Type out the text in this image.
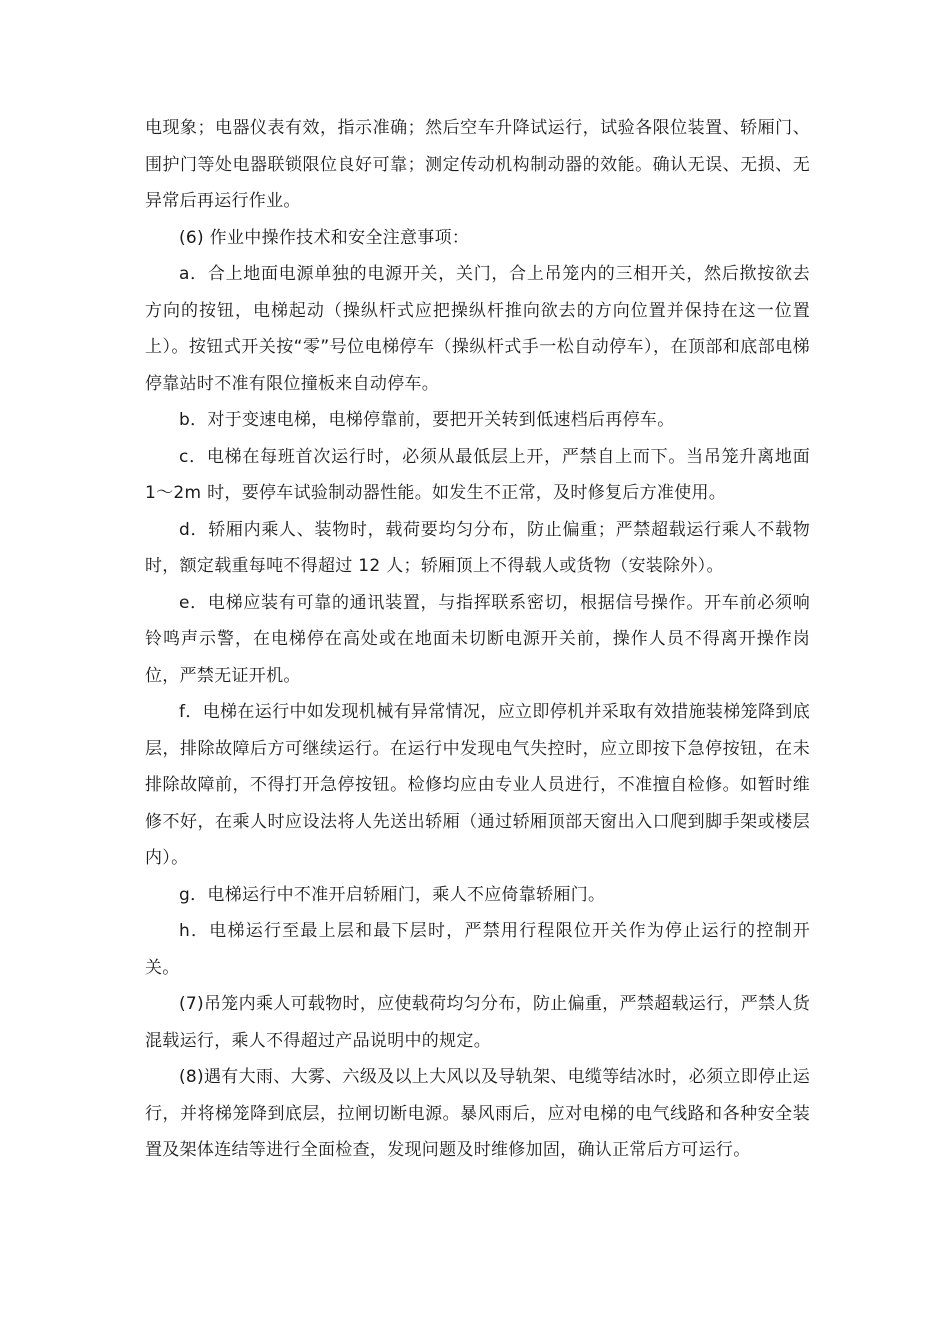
电现象；电器仪表有效，指示准确；然后空车升降试运行，试验各限位装置、轿厢门、围护门等处电器联锁限位良好可靠；测定传动机构制动器的效能。确认无误、无损、无异常后再运行作业。

(6) 作业中操作技术和安全注意事项：

a．合上地面电源单独的电源开关，关门，合上吊笼内的三相开关，然后揿按欲去方向的按钮，电梯起动（操纵杆式应把操纵杆推向欲去的方向位置并保持在这一位置上）。按钮式开关按“零”号位电梯停车（操纵杆式手一松自动停车），在顶部和底部电梯停靠站时不准有限位撞板来自动停车。

b．对于变速电梯，电梯停靠前，要把开关转到低速档后再停车。

c．电梯在每班首次运行时，必须从最低层上开，严禁自上而下。当吊笼升离地面 1～2m 时，要停车试验制动器性能。如发生不正常，及时修复后方准使用。

d．轿厢内乘人、装物时，载荷要均匀分布，防止偏重；严禁超载运行乘人不载物时，额定载重每吨不得超过 12 人；轿厢顶上不得载人或货物（安装除外）。

e．电梯应装有可靠的通讯装置，与指挥联系密切，根据信号操作。开车前必须响铃鸣声示警，在电梯停在高处或在地面未切断电源开关前，操作人员不得离开操作岗位，严禁无证开机。

f．电梯在运行中如发现机械有异常情况，应立即停机并采取有效措施装梯笼降到底层，排除故障后方可继续运行。在运行中发现电气失控时，应立即按下急停按钮，在未排除故障前，不得打开急停按钮。检修均应由专业人员进行，不准擅自检修。如暂时维修不好，在乘人时应设法将人先送出轿厢（通过轿厢顶部天窗出入口爬到脚手架或楼层内）。

g．电梯运行中不准开启轿厢门，乘人不应倚靠轿厢门。

h．电梯运行至最上层和最下层时，严禁用行程限位开关作为停止运行的控制开关。

(7)吊笼内乘人可载物时，应使载荷均匀分布，防止偏重，严禁超载运行，严禁人货混载运行，乘人不得超过产品说明中的规定。

(8)遇有大雨、大雾、六级及以上大风以及导轨架、电缆等结冰时，必须立即停止运行，并将梯笼降到底层，拉闸切断电源。暴风雨后，应对电梯的电气线路和各种安全装置及架体连结等进行全面检查，发现问题及时维修加固，确认正常后方可运行。
